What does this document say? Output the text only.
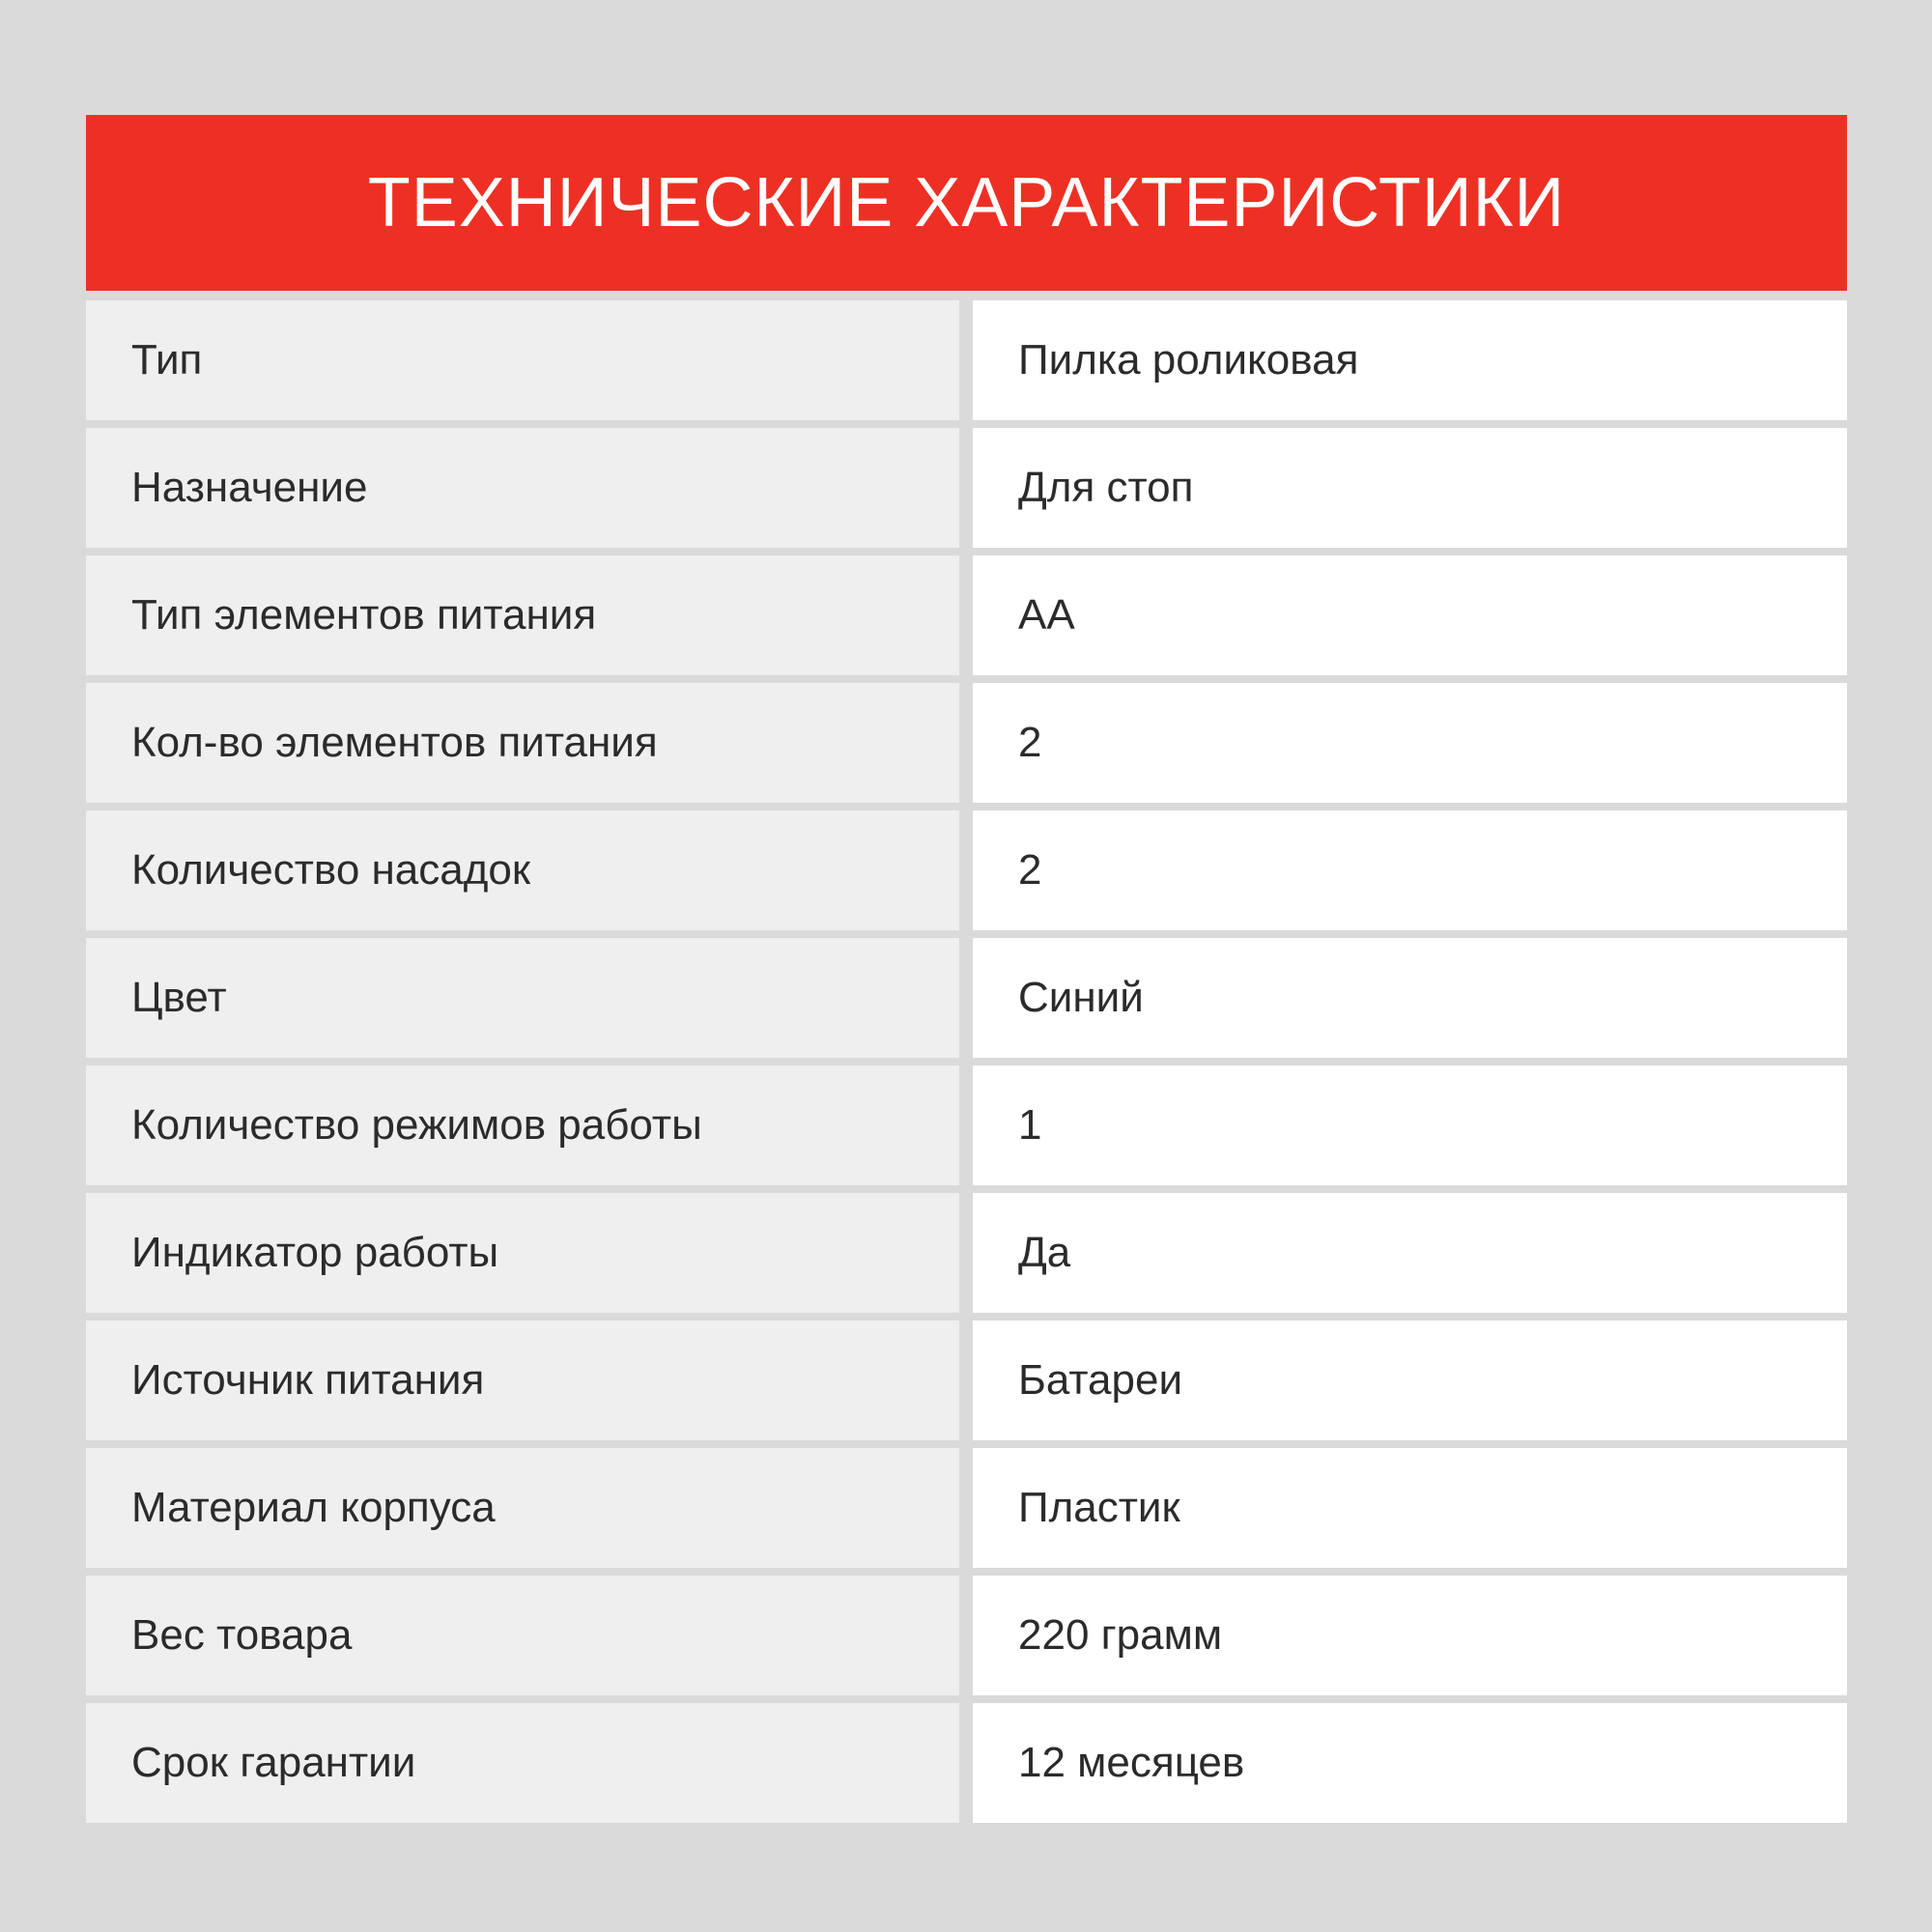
ТЕХНИЧЕСКИЕ ХАРАКТЕРИСТИКИ
Тип	Пилка роликовая
Назначение	Для стоп
Тип элементов питания	AA
Кол-во элементов питания	2
Количество насадок	2
Цвет	Синий
Количество режимов работы	1
Индикатор работы	Да
Источник питания	Батареи
Материал корпуса	Пластик
Вес товара	220 грамм
Срок гарантии	12 месяцев
